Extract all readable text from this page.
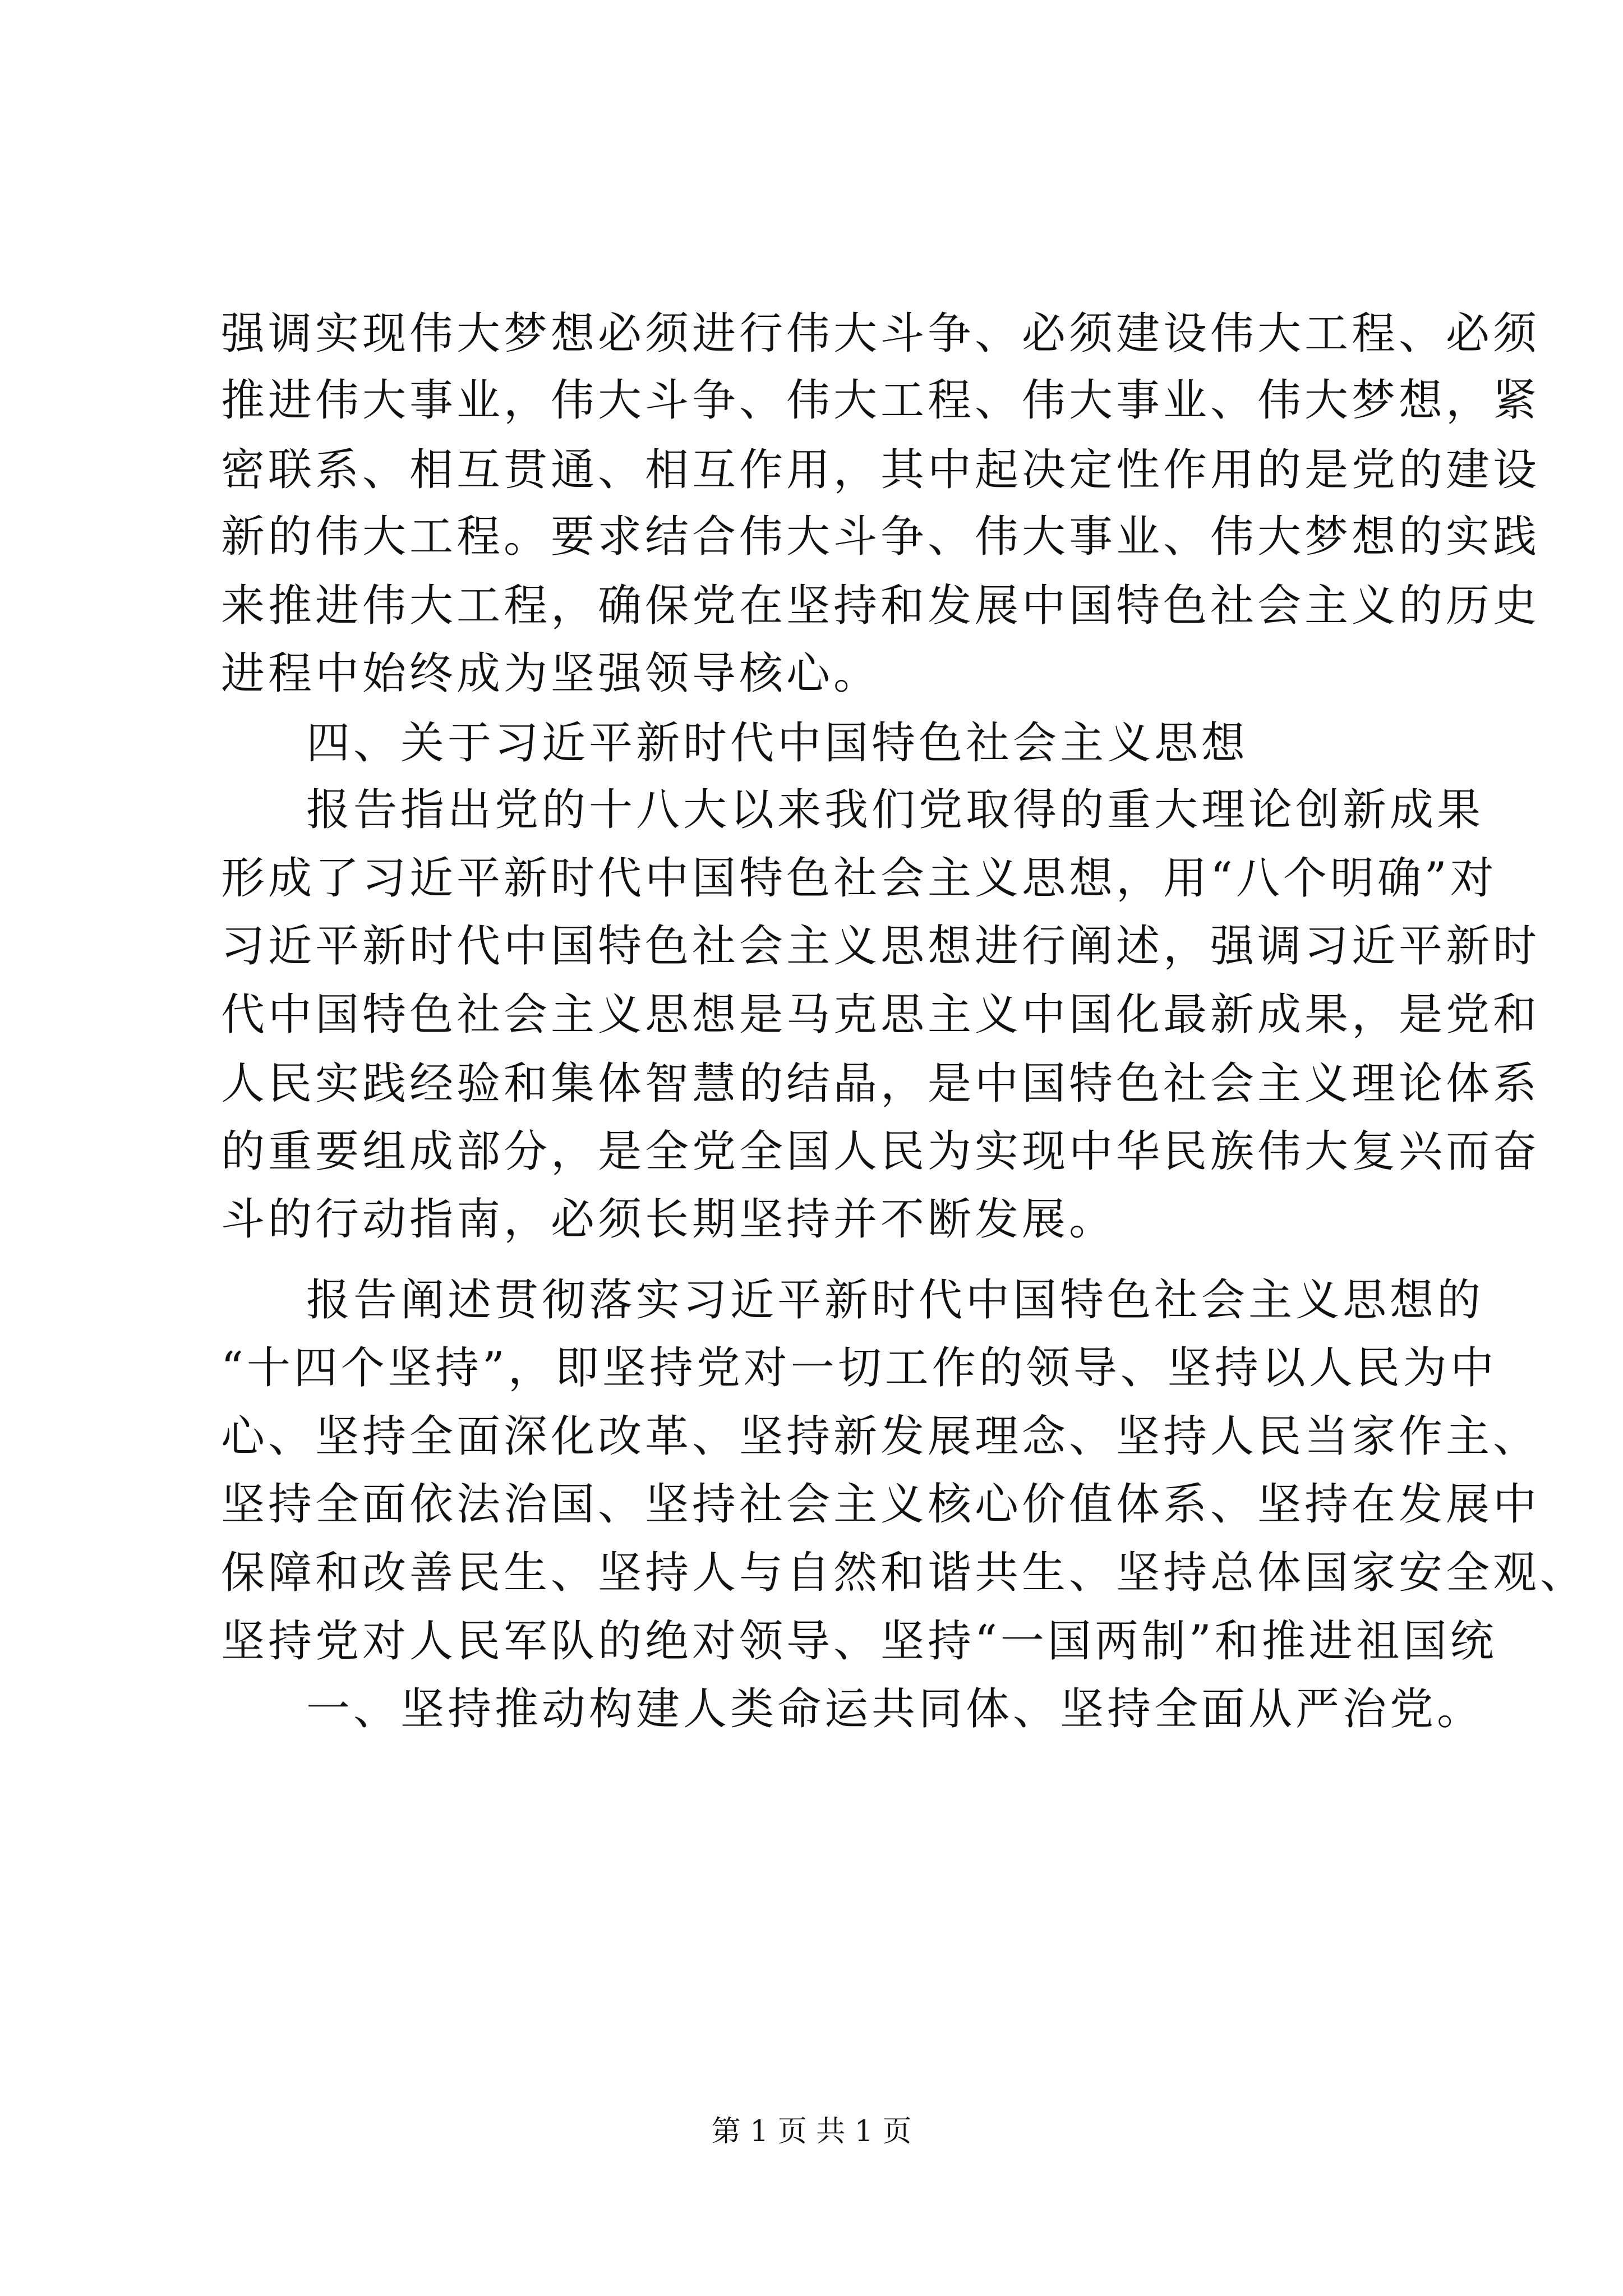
强调实现伟大梦想必须进行伟大斗争、必须建设伟大工程、必须
推进伟大事业，伟大斗争、伟大工程、伟大事业、伟大梦想，紧
密联系、相互贯通、相互作用，其中起决定性作用的是党的建设
新的伟大工程。要求结合伟大斗争、伟大事业、伟大梦想的实践
来推进伟大工程，确保党在坚持和发展中国特色社会主义的历史
进程中始终成为坚强领导核心。
四、关于习近平新时代中国特色社会主义思想
报告指出党的十八大以来我们党取得的重大理论创新成果
形成了习近平新时代中国特色社会主义思想，用“八个明确”对
习近平新时代中国特色社会主义思想进行阐述，强调习近平新时
代中国特色社会主义思想是马克思主义中国化最新成果，是党和
人民实践经验和集体智慧的结晶，是中国特色社会主义理论体系
的重要组成部分，是全党全国人民为实现中华民族伟大复兴而奋
斗的行动指南，必须长期坚持并不断发展。
报告阐述贯彻落实习近平新时代中国特色社会主义思想的
“十四个坚持”，即坚持党对一切工作的领导、坚持以人民为中
心、坚持全面深化改革、坚持新发展理念、坚持人民当家作主、
坚持全面依法治国、坚持社会主义核心价值体系、坚持在发展中
保障和改善民生、坚持人与自然和谐共生、坚持总体国家安全观、
坚持党对人民军队的绝对领导、坚持“一国两制”和推进祖国统
一、坚持推动构建人类命运共同体、坚持全面从严治党。
第 1 页 共 1 页
